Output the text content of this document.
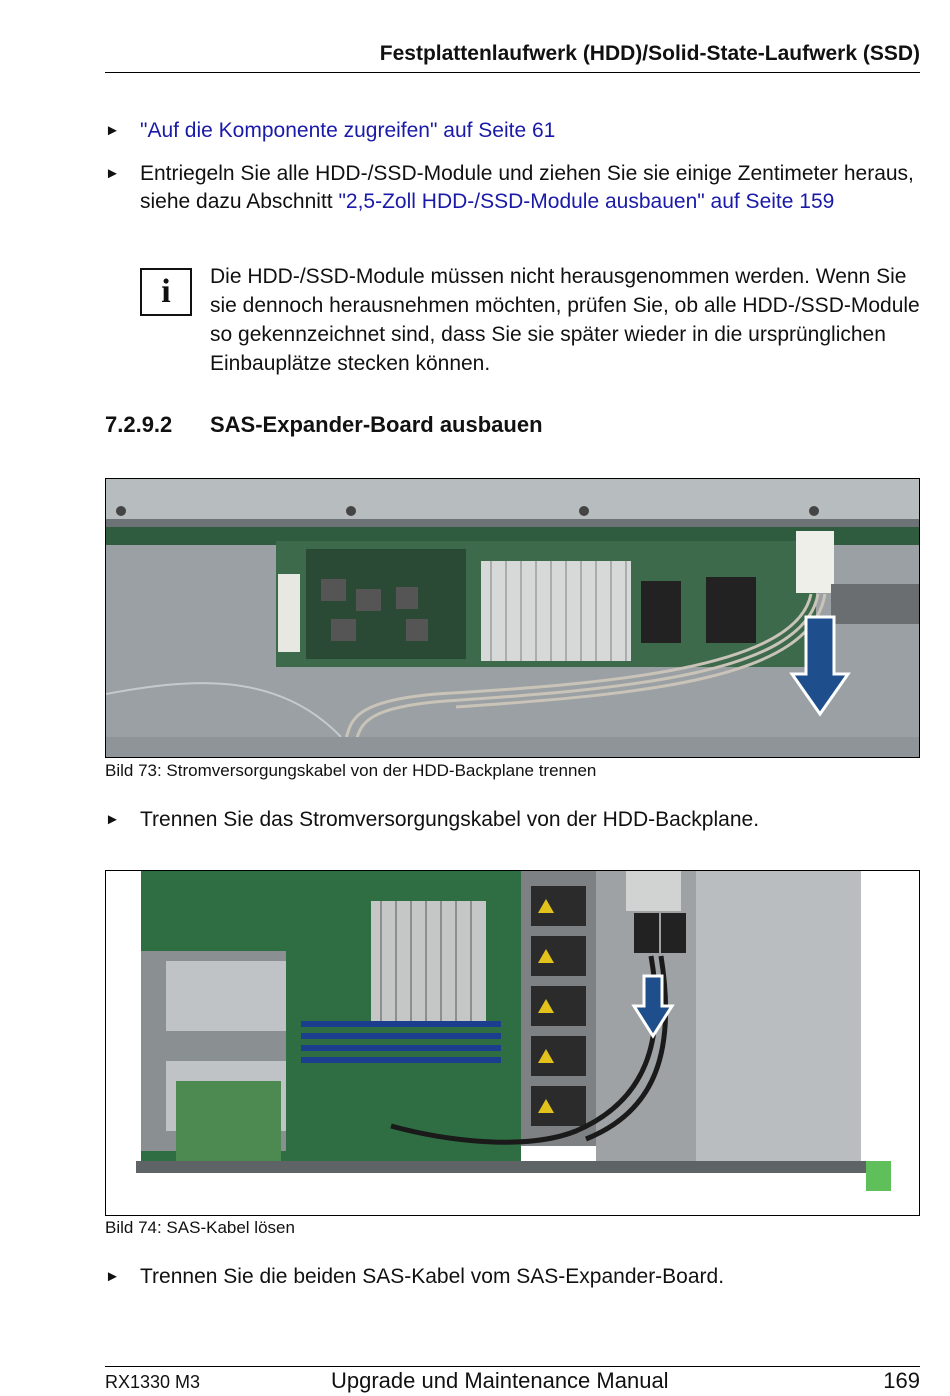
Festplattenlaufwerk (HDD)/Solid-State-Laufwerk (SSD)
► "Auf die Komponente zugreifen" auf Seite 61
► Entriegeln Sie alle HDD-/SSD-Module und ziehen Sie sie einige Zentimeter heraus, siehe dazu Abschnitt "2,5-Zoll HDD-/SSD-Module ausbauen" auf Seite 159
i	Die HDD-/SSD-Module müssen nicht herausgenommen werden. Wenn Sie sie dennoch herausnehmen möchten, prüfen Sie, ob alle HDD-/SSD-Module so gekennzeichnet sind, dass Sie sie später wieder in die ursprünglichen Einbauplätze stecken können.
7.2.9.2 SAS-Expander-Board ausbauen
Bild 73: Stromversorgungskabel von der HDD-Backplane trennen
► Trennen Sie das Stromversorgungskabel von der HDD-Backplane.
Bild 74: SAS-Kabel lösen
► Trennen Sie die beiden SAS-Kabel vom SAS-Expander-Board.
RX1330 M3	Upgrade und Maintenance Manual	169
